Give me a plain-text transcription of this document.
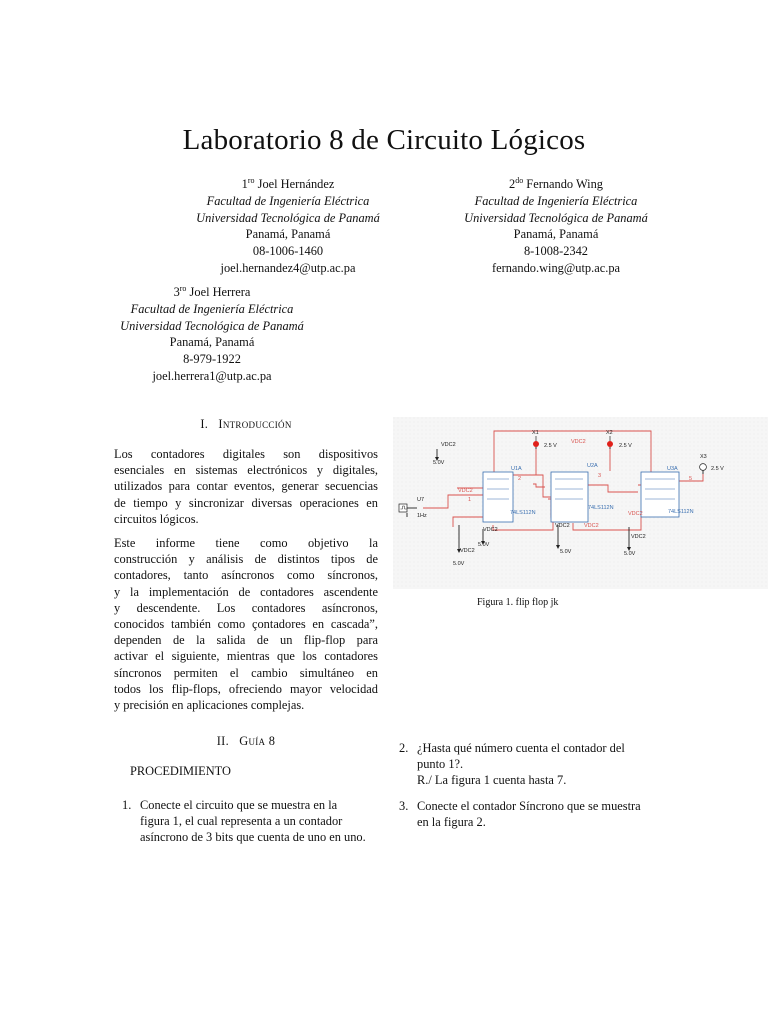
Laboratorio 8 de Circuito Lógicos
$1^{ro}$ Joel Hernández
Facultad de Ingeniería Eléctrica
Universidad Tecnológica de Panamá
Panamá, Panamá
08-1006-1460
joel.hernandez4@utp.ac.pa
$2^{do}$ Fernando Wing
Facultad de Ingeniería Eléctrica
Universidad Tecnológica de Panamá
Panamá, Panamá
8-1008-2342
fernando.wing@utp.ac.pa
$3^{ro}$ Joel Herrera
Facultad de Ingeniería Eléctrica
Universidad Tecnológica de Panamá
Panamá, Panamá
8-979-1922
joel.herrera1@utp.ac.pa
I. Introducción
Los contadores digitales son dispositivos
esenciales en sistemas electrónicos y digitales,
utilizados para contar eventos, generar secuencias
de tiempo y sincronizar diversas operaciones en
circuitos lógicos.
Este informe tiene como objetivo la
construcción y análisis de distintos tipos de
contadores, tanto asíncronos como síncronos,
y la implementación de contadores ascendente
y descendente. Los contadores asíncronos,
conocidos también como çontadores en cascada”,
dependen de la salida de un flip-flop para
activar el siguiente, mientras que los contadores
síncronos permiten el cambio simultáneo en
todos los flip-flops, ofreciendo mayor velocidad
y precisión en aplicaciones complejas.
II. Guía 8
PROCEDIMIENTO
1. Conecte el circuito que se muestra en la
figura 1, el cual representa a un contador
asíncrono de 3 bits que cuenta de uno en uno.
2. ¿Hasta qué número cuenta el contador del
punto 1?.
R./ La figura 1 cuenta hasta 7.
3. Conecte el contador Síncrono que se muestra
en la figura 2.
X1	X2
X3
2.5 V	2.5 V
2.5 V
VDC2
5.0V
U1A	U2A	U3A
74LS112N
74LS112N
74LS112N
U7
1Hz
VDC2
VDC2
VDC2
VDC2
VDC2
VDC2
VDC2
VDC2
5.0V
5.0V
5.0V	5.0V
1
2	3	5
Figura 1. flip flop jk
